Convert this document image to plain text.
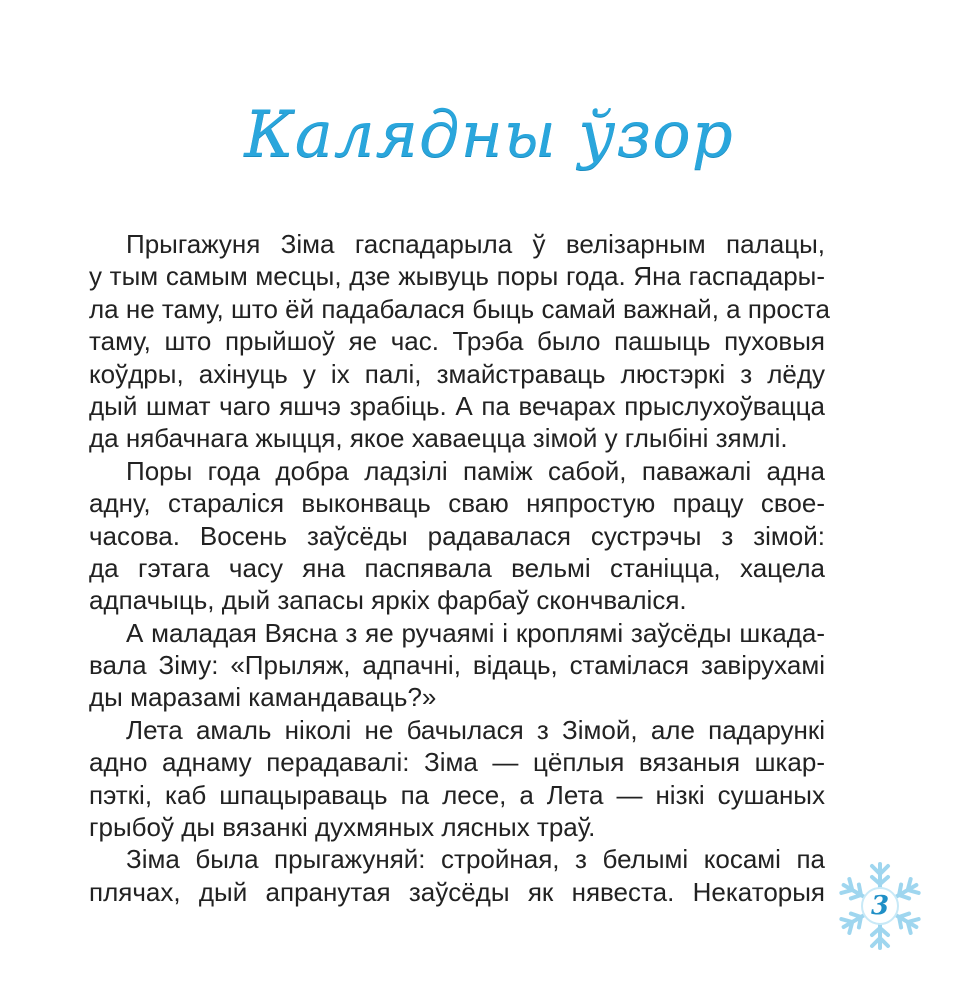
Калядны ўзор
Прыгажуня Зіма гаспадарыла ў велізарным палацы,
у тым самым месцы, дзе жывуць поры года. Яна гаспадары-
ла не таму, што ёй падабалася быць самай важнай, а проста
таму, што прыйшоў яе час. Трэба было пашыць пуховыя
коўдры, ахінуць у іх палі, змайстраваць люстэркі з лёду
дый шмат чаго яшчэ зрабіць. А па вечарах прыслухоўвацца
да нябачнага жыцця, якое хаваецца зімой у глыбіні зямлі.
Поры года добра ладзілі паміж сабой, паважалі адна
адну, стараліся выконваць сваю няпростую працу свое-
часова. Восень заўсёды радавалася сустрэчы з зімой:
да гэтага часу яна паспявала вельмі станіцца, хацела
адпачыць, дый запасы яркіх фарбаў скончваліся.
А маладая Вясна з яе ручаямі і кроплямі заўсёды шкада-
вала Зіму: «Прыляж, адпачні, відаць, стамілася завірухамі
ды маразамі камандаваць?»
Лета амаль ніколі не бачылася з Зімой, але падарункі
адно аднаму перадавалі: Зіма — цёплыя вязаныя шкар-
пэткі, каб шпацыраваць па лесе, а Лета — нізкі сушаных
грыбоў ды вязанкі духмяных лясных траў.
Зіма была прыгажуняй: стройная, з белымі косамі па
плячах, дый апранутая заўсёды як нявеста. Некаторыя	3
